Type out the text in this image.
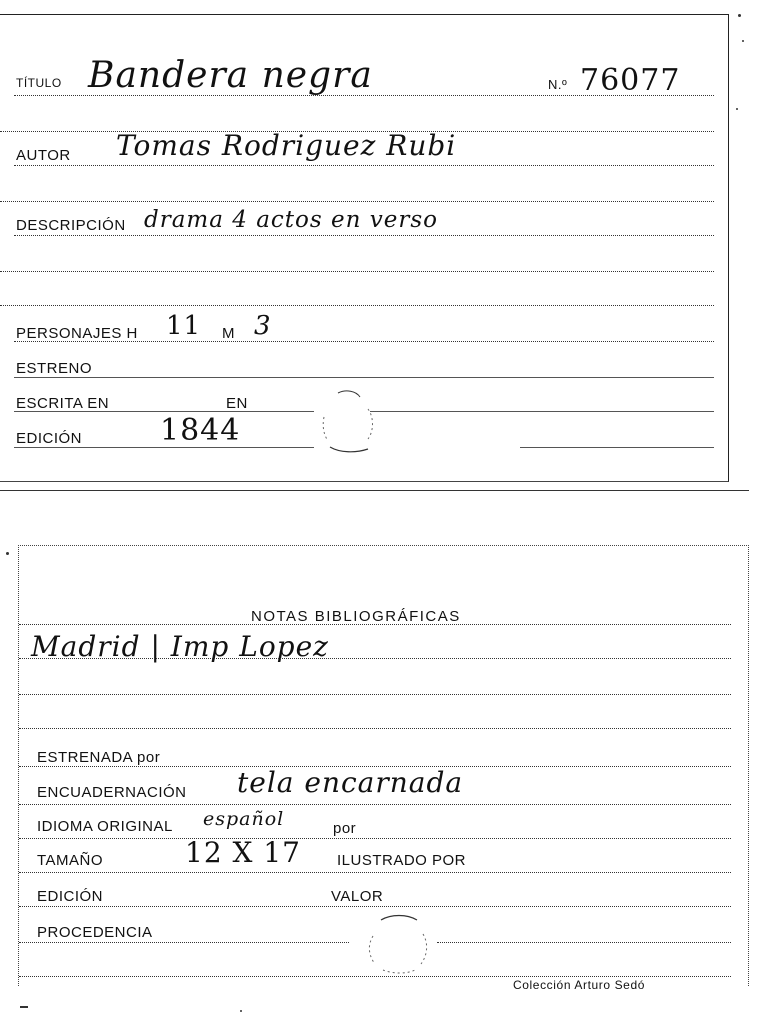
TÍTULO Bandera negra	N.º 76077
AUTOR Tomas Rodriguez Rubi
DESCRIPCIÓN drama 4 actos en verso
PERSONAJES H 11 M 3
ESTRENO
ESCRITA EN	EN
EDICIÓN	1844
NOTAS BIBLIOGRÁFICAS
Madrid | Imp Lopez
ESTRENADA por
ENCUADERNACIÓN tela encarnada
IDIOMA ORIGINAL español	por
TAMAÑO	12 X 17 ILUSTRADO POR
EDICIÓN	VALOR
PROCEDENCIA
Colección Arturo Sedó
